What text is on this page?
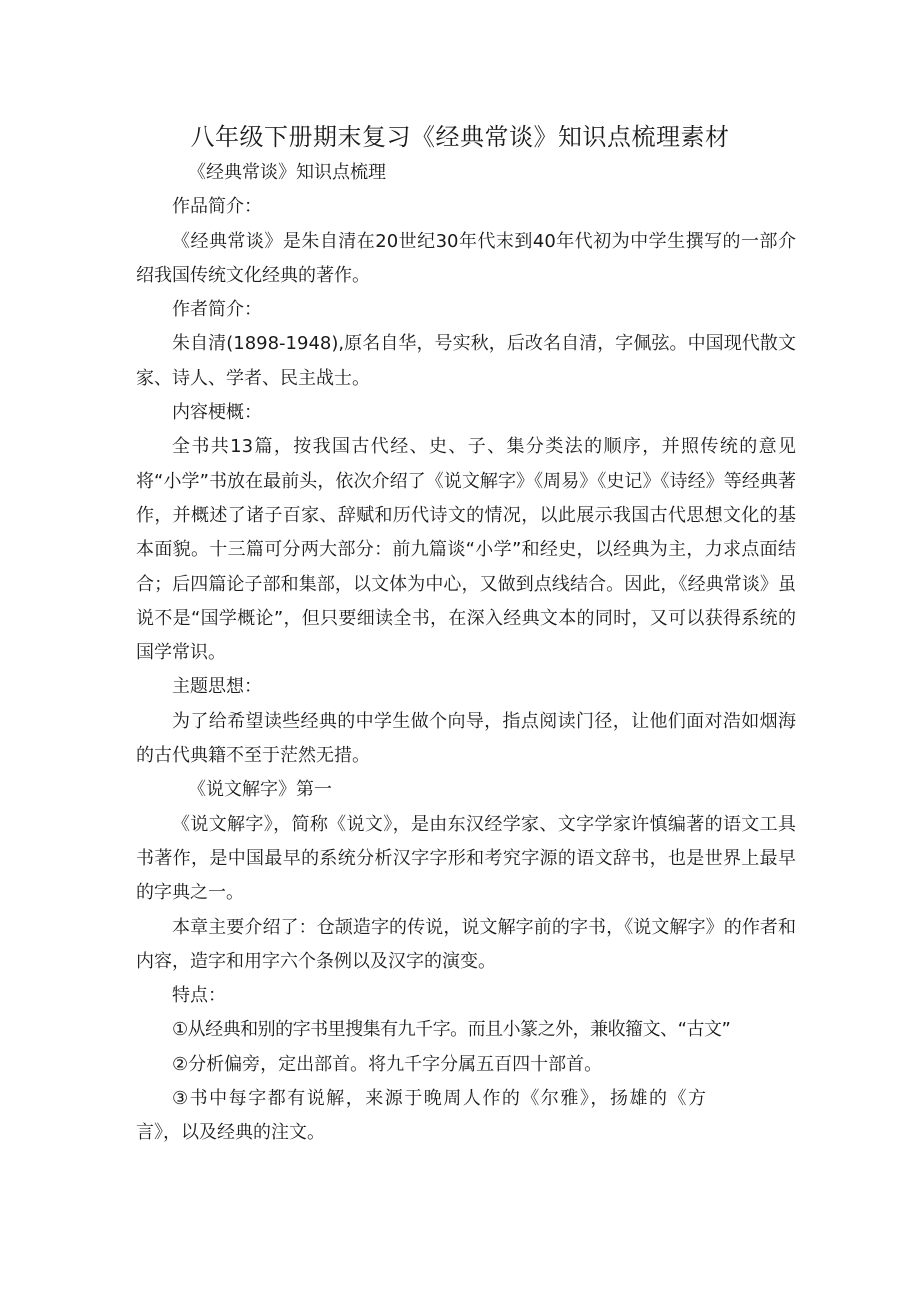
八年级下册期末复习《经典常谈》知识点梳理素材

《经典常谈》知识点梳理

作品简介：

《经典常谈》是朱自清在20世纪30年代末到40年代初为中学生撰写的一部介绍我国传统文化经典的著作。

作者简介：

朱自清(1898-1948),原名自华，号实秋，后改名自清，字佩弦。中国现代散文家、诗人、学者、民主战士。

内容梗概：

全书共13篇，按我国古代经、史、子、集分类法的顺序，并照传统的意见将“小学”书放在最前头，依次介绍了《说文解字》《周易》《史记》《诗经》等经典著作，并概述了诸子百家、辞赋和历代诗文的情况，以此展示我国古代思想文化的基本面貌。十三篇可分两大部分：前九篇谈“小学”和经史，以经典为主，力求点面结合；后四篇论子部和集部，以文体为中心，又做到点线结合。因此，《经典常谈》虽说不是“国学概论”，但只要细读全书，在深入经典文本的同时，又可以获得系统的国学常识。

主题思想：

为了给希望读些经典的中学生做个向导，指点阅读门径，让他们面对浩如烟海的古代典籍不至于茫然无措。

《说文解字》第一

《说文解字》，简称《说文》，是由东汉经学家、文字学家许慎编著的语文工具书著作，是中国最早的系统分析汉字字形和考究字源的语文辞书，也是世界上最早的字典之一。

本章主要介绍了：仓颉造字的传说，说文解字前的字书，《说文解字》的作者和内容，造字和用字六个条例以及汉字的演变。

特点：

①从经典和别的字书里搜集有九千字。而且小篆之外，兼收籀文、“古文”

②分析偏旁，定出部首。将九千字分属五百四十部首。

③书中每字都有说解，来源于晚周人作的《尔雅》，扬雄的《方言》，以及经典的注文。
